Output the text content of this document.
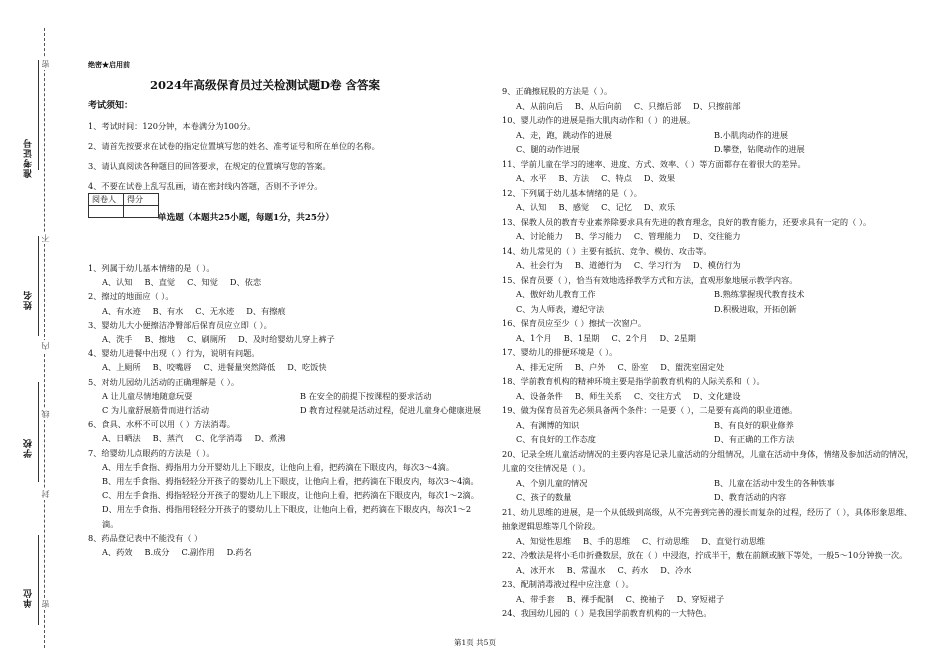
准考证号
姓名
学校
单位
密
不
内
线
封
密
绝密★启用前
2024年高级保育员过关检测试题D卷 含答案
考试须知：
1、考试时间：120分钟，本卷满分为100分。
2、请首先按要求在试卷的指定位置填写您的姓名、准考证号和所在单位的名称。
3、请认真阅读各种题目的回答要求，在规定的位置填写您的答案。
4、不要在试卷上乱写乱画，请在密封线内答题，否则不予评分。
阅卷人	得分

单选题（本题共25小题，每题1分，共25分）
1、列属于幼儿基本情绪的是（ ）。
A、认知 B、直觉 C、知觉 D、依恋
2、擦过的地面应（ ）。
A、有水迹 B、有水 C、无水迹 D、有擦痕
3、婴幼儿大小便擦洁净臀部后保育员应立即（ ）。
A、洗手 B、擦地 C、刷厕所 D、及时给婴幼儿穿上裤子
4、婴幼儿进餐中出现（ ）行为，说明有问题。
A、上厕所 B、咬嘴唇 C、进餐量突然降低 D、吃饭快
5、对幼儿园幼儿活动的正确理解是（ ）。
A 让儿童尽情地随意玩耍	B 在安全的前提下按课程的要求活动
C 为儿童舒展筋骨而进行活动	D 教育过程就是活动过程，促进儿童身心健康进展
6、食具、水杯不可以用（ ）方法消毒。
A、日晒法 B、蒸汽 C、化学消毒 D、煮沸
7、给婴幼儿点眼药的方法是（ ）。
A、用左手食指、拇指用力分开婴幼儿上下眼皮，让他向上看，把药滴在下眼皮内，每次3～4滴。
B、用左手食指、拇指轻轻分开孩子的婴幼儿上下眼皮，让他向上看，把药滴在下眼皮内，每次3～4滴。
C、用左手食指、拇指轻轻分开孩子的婴幼儿上下眼皮，让他向上看，把药滴在下眼皮内，每次1～2滴。
D、用左手食指、拇指用轻轻分开孩子的婴幼儿上下眼皮，让他向上看，把药滴在下眼皮内，每次1～2滴。
8、药品登记表中不能没有（ ）
A、药效 B.成分 C.副作用 D.药名
9、正确擦屁股的方法是（ ）。
A、从前向后 B、从后向前 C、只擦后部 D、只擦前部
10、婴儿动作的进展是指大肌肉动作和（ ）的进展。
A、走，跑，跳动作的进展	B.小肌肉动作的进展
C、腿的动作进展	D.攀登，钻爬动作的进展
11、学前儿童在学习的速率、进度、方式、效率、（ ）等方面都存在着很大的差异。
A、水平 B、方法 C、特点 D、效果
12、下列属于幼儿基本情绪的是（ ）。
A、认知 B、感觉 C、记忆 D、欢乐
13、保教人员的教育专业素养除要求具有先进的教育理念，良好的教育能力，还要求具有一定的（ ）。
A、讨论能力 B、学习能力 C、管理能力 D、交往能力
14、幼儿常见的（ ）主要有抵抗、竞争、模仿、攻击等。
A、社会行为 B、道德行为 C、学习行为 D、模仿行为
15、保育员要（ ），恰当有效地选择教学方式和方法，直观形象地展示教学内容。
A、傲好幼儿教育工作	B.熟练掌握现代教育技术
C、为人师表，遵纪守法	D.积极进取，开拓创新
16、保育员应至少（ ）擦拭一次窗户。
A、1个月 B、1星期 C、2个月 D、2星期
17、婴幼儿的排便环境是（ ）。
A、排无定所 B、户外 C、卧室 D、盥洗室固定处
18、学前教育机构的精神环境主要是指学前教育机构的人际关系和（ ）。
A、设备条件 B、师生关系 C、交往方式 D、文化建设
19、做为保育员首先必须具备两个条件：一是要（ ），二是要有高尚的职业道德。
A、有渊博的知识	B、有良好的职业修养
C、有良好的工作态度	D、有正确的工作方法
20、记录全班儿童活动情况的主要内容是记录儿童活动的分组情况，儿童在活动中身体，情绪及参加活动的情况，儿童的交往情况是（ ）。
A、个别儿童的情况	B、儿童在活动中发生的各种铁事
C、孩子的数量	D、教育活动的内容
21、幼儿思维的进展，是一个从低级到高级，从不完善到完善的漫长而复杂的过程，经历了（ ），具体形象思维、抽象逻辑思维等几个阶段。
A、知觉性思维 B、手的思维 C、行动思维 D、直觉行动思维
22、冷敷法是将小毛巾折叠数层，放在（ ）中浸泡，拧成半干，敷在前额或腋下等处，一般5～10分钟换一次。
A、冰开水 B、常温水 C、药水 D、冷水
23、配制消毒液过程中应注意（ ）。
A、带手套 B、裸手配制 C、挽袖子 D、穿短裙子
24、我国幼儿园的（ ）是我国学前教育机构的一大特色。
第1页 共5页
